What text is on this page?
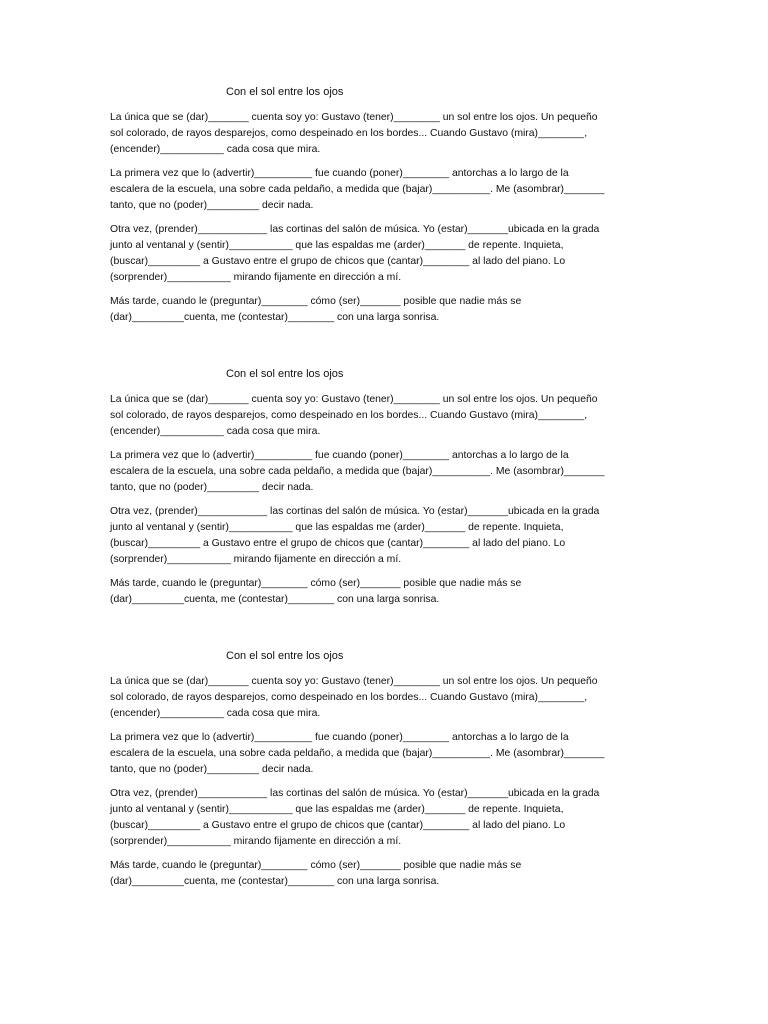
Con el sol entre los ojos

La única que se (dar)_______ cuenta soy yo: Gustavo (tener)________ un sol entre los ojos. Un pequeño
sol colorado, de rayos desparejos, como despeinado en los bordes... Cuando Gustavo (mira)________,
(encender)___________ cada cosa que mira.

La primera vez que lo (advertir)__________ fue cuando (poner)________ antorchas a lo largo de la
escalera de la escuela, una sobre cada peldaño, a medida que (bajar)__________. Me (asombrar)_______
tanto, que no (poder)_________ decir nada.

Otra vez, (prender)____________ las cortinas del salón de música. Yo (estar)_______ubicada en la grada
junto al ventanal y (sentir)___________ que las espaldas me (arder)_______ de repente. Inquieta,
(buscar)_________ a Gustavo entre el grupo de chicos que (cantar)________ al lado del piano. Lo
(sorprender)___________ mirando fijamente en dirección a mí.

Más tarde, cuando le (preguntar)________ cómo (ser)_______ posible que nadie más se
(dar)_________cuenta, me (contestar)________ con una larga sonrisa.

Con el sol entre los ojos

La única que se (dar)_______ cuenta soy yo: Gustavo (tener)________ un sol entre los ojos. Un pequeño
sol colorado, de rayos desparejos, como despeinado en los bordes... Cuando Gustavo (mira)________,
(encender)___________ cada cosa que mira.

La primera vez que lo (advertir)__________ fue cuando (poner)________ antorchas a lo largo de la
escalera de la escuela, una sobre cada peldaño, a medida que (bajar)__________. Me (asombrar)_______
tanto, que no (poder)_________ decir nada.

Otra vez, (prender)____________ las cortinas del salón de música. Yo (estar)_______ubicada en la grada
junto al ventanal y (sentir)___________ que las espaldas me (arder)_______ de repente. Inquieta,
(buscar)_________ a Gustavo entre el grupo de chicos que (cantar)________ al lado del piano. Lo
(sorprender)___________ mirando fijamente en dirección a mí.

Más tarde, cuando le (preguntar)________ cómo (ser)_______ posible que nadie más se
(dar)_________cuenta, me (contestar)________ con una larga sonrisa.

Con el sol entre los ojos

La única que se (dar)_______ cuenta soy yo: Gustavo (tener)________ un sol entre los ojos. Un pequeño
sol colorado, de rayos desparejos, como despeinado en los bordes... Cuando Gustavo (mira)________,
(encender)___________ cada cosa que mira.

La primera vez que lo (advertir)__________ fue cuando (poner)________ antorchas a lo largo de la
escalera de la escuela, una sobre cada peldaño, a medida que (bajar)__________. Me (asombrar)_______
tanto, que no (poder)_________ decir nada.

Otra vez, (prender)____________ las cortinas del salón de música. Yo (estar)_______ubicada en la grada
junto al ventanal y (sentir)___________ que las espaldas me (arder)_______ de repente. Inquieta,
(buscar)_________ a Gustavo entre el grupo de chicos que (cantar)________ al lado del piano. Lo
(sorprender)___________ mirando fijamente en dirección a mí.

Más tarde, cuando le (preguntar)________ cómo (ser)_______ posible que nadie más se
(dar)_________cuenta, me (contestar)________ con una larga sonrisa.
